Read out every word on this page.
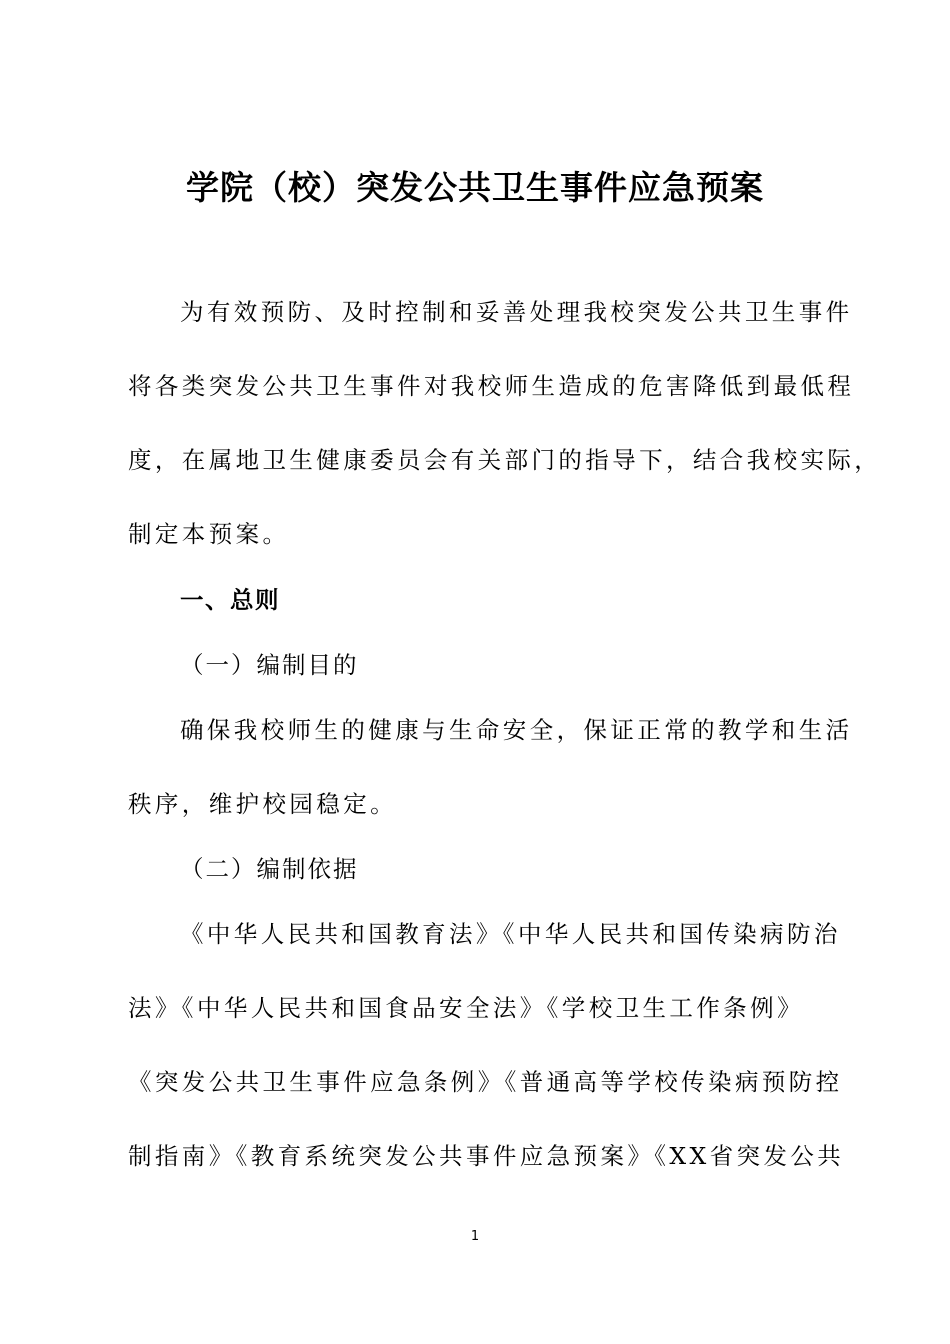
学院（校）突发公共卫生事件应急预案

为有效预防、及时控制和妥善处理我校突发公共卫生事件

将各类突发公共卫生事件对我校师生造成的危害降低到最低程

度，在属地卫生健康委员会有关部门的指导下，结合我校实际，

制定本预案。

一、总则

（一）编制目的

确保我校师生的健康与生命安全，保证正常的教学和生活

秩序，维护校园稳定。

（二）编制依据

《中华人民共和国教育法》《中华人民共和国传染病防治

法》《中华人民共和国食品安全法》《学校卫生工作条例》

《突发公共卫生事件应急条例》《普通高等学校传染病预防控

制指南》《教育系统突发公共事件应急预案》《XX省突发公共

1
